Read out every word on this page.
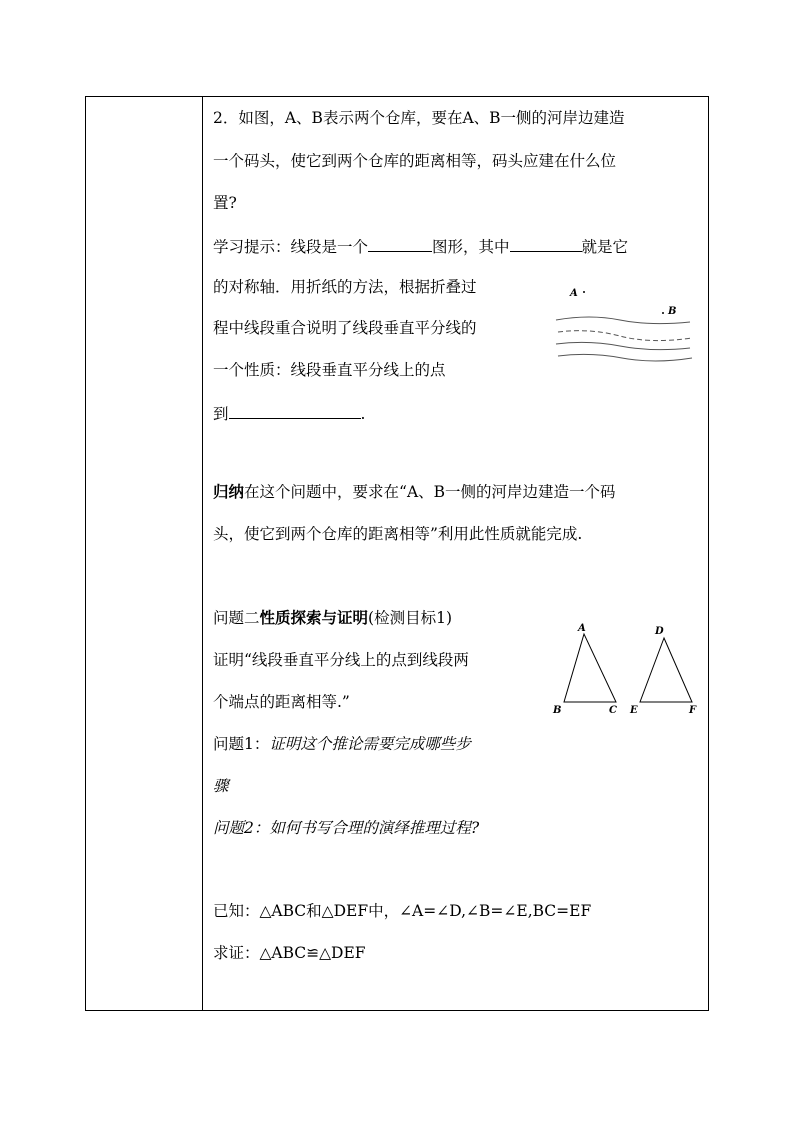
2．如图，A、B表示两个仓库，要在A、B一侧的河岸边建造
一个码头，使它到两个仓库的距离相等，码头应建在什么位
置?
学习提示：线段是一个	图形，其中	就是它
的对称轴．用折纸的方法，根据折叠过
程中线段重合说明了线段垂直平分线的
一个性质：线段垂直平分线上的点
到	.
A
B
归纳在这个问题中，要求在“A、B一侧的河岸边建造一个码
头，使它到两个仓库的距离相等”利用此性质就能完成.
问题二性质探索与证明(检测目标1)
证明“线段垂直平分线上的点到线段两
个端点的距离相等.”
问题1：证明这个推论需要完成哪些步
骤
问题2：如何书写合理的演绎推理过程?
已知：△ABC和△DEF中，∠A=∠D,∠B=∠E,BC=EF
求证：△ABC≌△DEF
A
B	C
D
E	F
